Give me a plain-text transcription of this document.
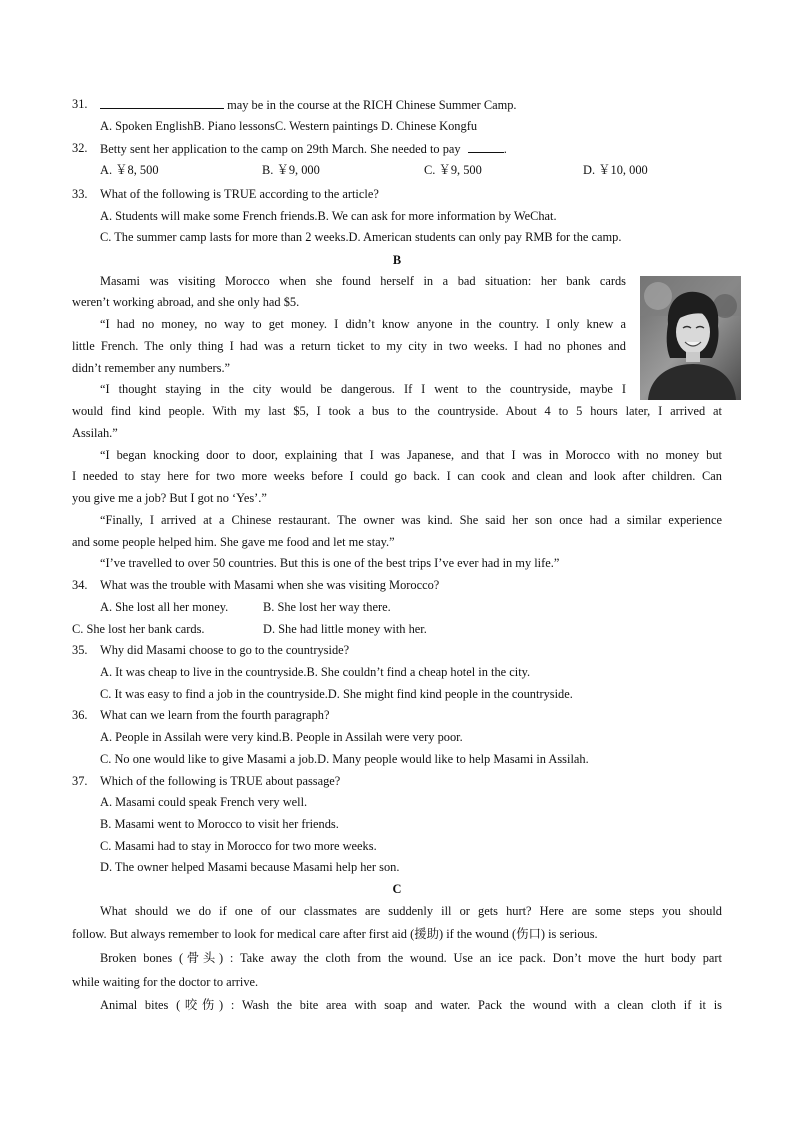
31.	may be in the course at the RICH Chinese Summer Camp.
A. Spoken EnglishB. Piano lessonsC. Western paintings D. Chinese Kongfu
32. Betty sent her application to the camp on 29th March. She needed to pay	.
A. ￥8, 500	B. ￥9, 000	C. ￥9, 500	D. ￥10, 000
33. What of the following is TRUE according to the article?
A. Students will make some French friends.B. We can ask for more information by WeChat.
C. The summer camp lasts for more than 2 weeks.D. American students can only pay RMB for the camp.
B
Masami was visiting Morocco when she found herself in a bad situation: her bank cards
weren’t working abroad, and she only had $5.
“I had no money, no way to get money. I didn’t know anyone in the country. I only knew a
little French. The only thing I had was a return ticket to my city in two weeks. I had no phones and
didn’t remember any numbers.”
“I thought staying in the city would be dangerous. If I went to the countryside, maybe I
would find kind people. With my last $5, I took a bus to the countryside. About 4 to 5 hours later, I arrived at
Assilah.”
“I began knocking door to door, explaining that I was Japanese, and that I was in Morocco with no money but
I needed to stay here for two more weeks before I could go back. I can cook and clean and look after children. Can
you give me a job? But I got no ‘Yes’.”
“Finally, I arrived at a Chinese restaurant. The owner was kind. She said her son once had a similar experience
and some people helped him. She gave me food and let me stay.”
“I’ve travelled to over 50 countries. But this is one of the best trips I’ve ever had in my life.”
34. What was the trouble with Masami when she was visiting Morocco?
A. She lost all her money.	B. She lost her way there.
C. She lost her bank cards.	D. She had little money with her.
35. Why did Masami choose to go to the countryside?
A. It was cheap to live in the countryside.B. She couldn’t find a cheap hotel in the city.
C. It was easy to find a job in the countryside.D. She might find kind people in the countryside.
36. What can we learn from the fourth paragraph?
A. People in Assilah were very kind.B. People in Assilah were very poor.
C. No one would like to give Masami a job.D. Many people would like to help Masami in Assilah.
37. Which of the following is TRUE about passage?
A. Masami could speak French very well.
B. Masami went to Morocco to visit her friends.
C. Masami had to stay in Morocco for two more weeks.
D. The owner helped Masami because Masami help her son.
C
What should we do if one of our classmates are suddenly ill or gets hurt? Here are some steps you should
follow. But always remember to look for medical care after first aid (援助) if the wound (伤口) is serious.
Broken bones (骨头) : Take away the cloth from the wound. Use an ice pack. Don’t move the hurt body part
while waiting for the doctor to arrive.
Animal bites (咬伤) : Wash the bite area with soap and water. Pack the wound with a clean cloth if it is
